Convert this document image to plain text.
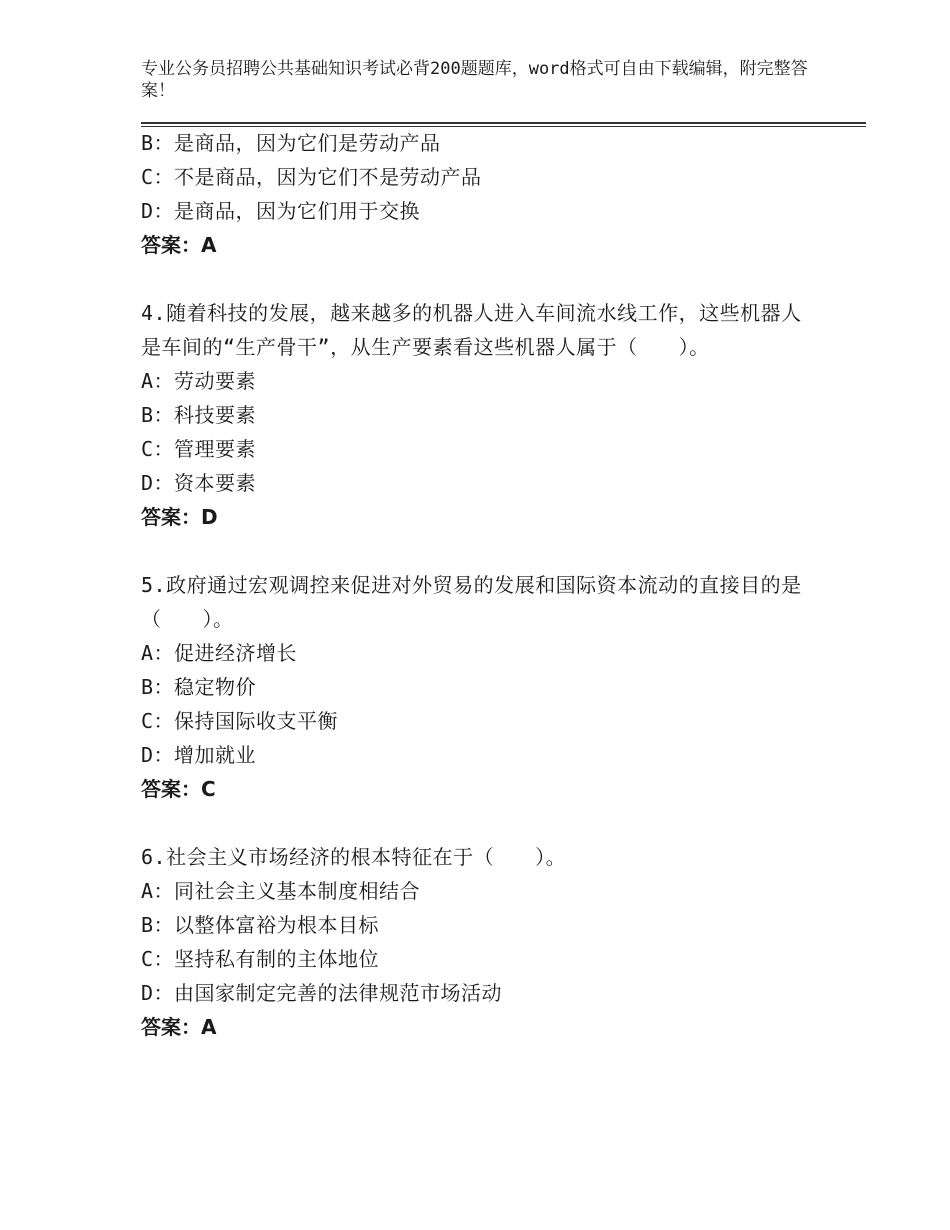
专业公务员招聘公共基础知识考试必背200题题库，word格式可自由下载编辑，附完整答案！
B：是商品，因为它们是劳动产品
C：不是商品，因为它们不是劳动产品
D：是商品，因为它们用于交换
答案：A
4.随着科技的发展，越来越多的机器人进入车间流水线工作，这些机器人是车间的“生产骨干”，从生产要素看这些机器人属于（　　）。
A：劳动要素
B：科技要素
C：管理要素
D：资本要素
答案：D
5.政府通过宏观调控来促进对外贸易的发展和国际资本流动的直接目的是（　　）。
A：促进经济增长
B：稳定物价
C：保持国际收支平衡
D：增加就业
答案：C
6.社会主义市场经济的根本特征在于（　　）。
A：同社会主义基本制度相结合
B：以整体富裕为根本目标
C：坚持私有制的主体地位
D：由国家制定完善的法律规范市场活动
答案：A
